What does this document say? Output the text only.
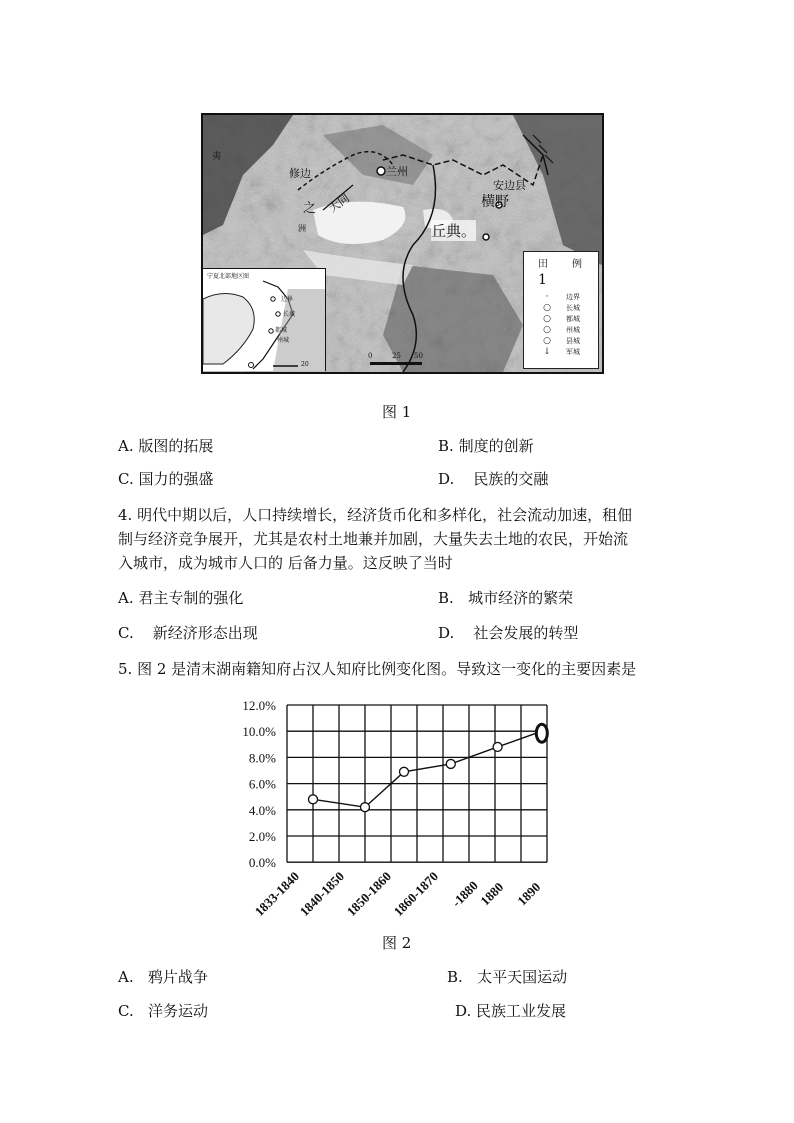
夷
修边	兰州
大同
之
洲
安边县
横野
丘典。
田 例
1
·
○
○
○
○
↓
边界
长城
都城
州城
县城
军城
0	25 50
宁夏北部地区图
边界
长城
都城
州城
20
图 1
A. 版图的拓展	B. 制度的创新
C. 国力的强盛	D. 民族的交融
4. 明代中期以后，人口持续增长，经济货币化和多样化，社会流动加速，租佃
制与经济竞争展开，尤其是农村土地兼并加剧，大量失去土地的农民，开始流
入城市，成为城市人口的 后备力量。这反映了当时
A. 君主专制的强化	B. 城市经济的繁荣
C. 新经济形态出现	D. 社会发展的转型
5. 图 2 是清末湖南籍知府占汉人知府比例变化图。导致这一变化的主要因素是
12.0%
10.0%
8.0%
6.0%
4.0%
2.0%
0.0%
1833-1840
1840-1850
1850-1860
1860-1870 -1880
1880 1890
图 2
A. 鸦片战争	B. 太平天国运动
C. 洋务运动	D. 民族工业发展
